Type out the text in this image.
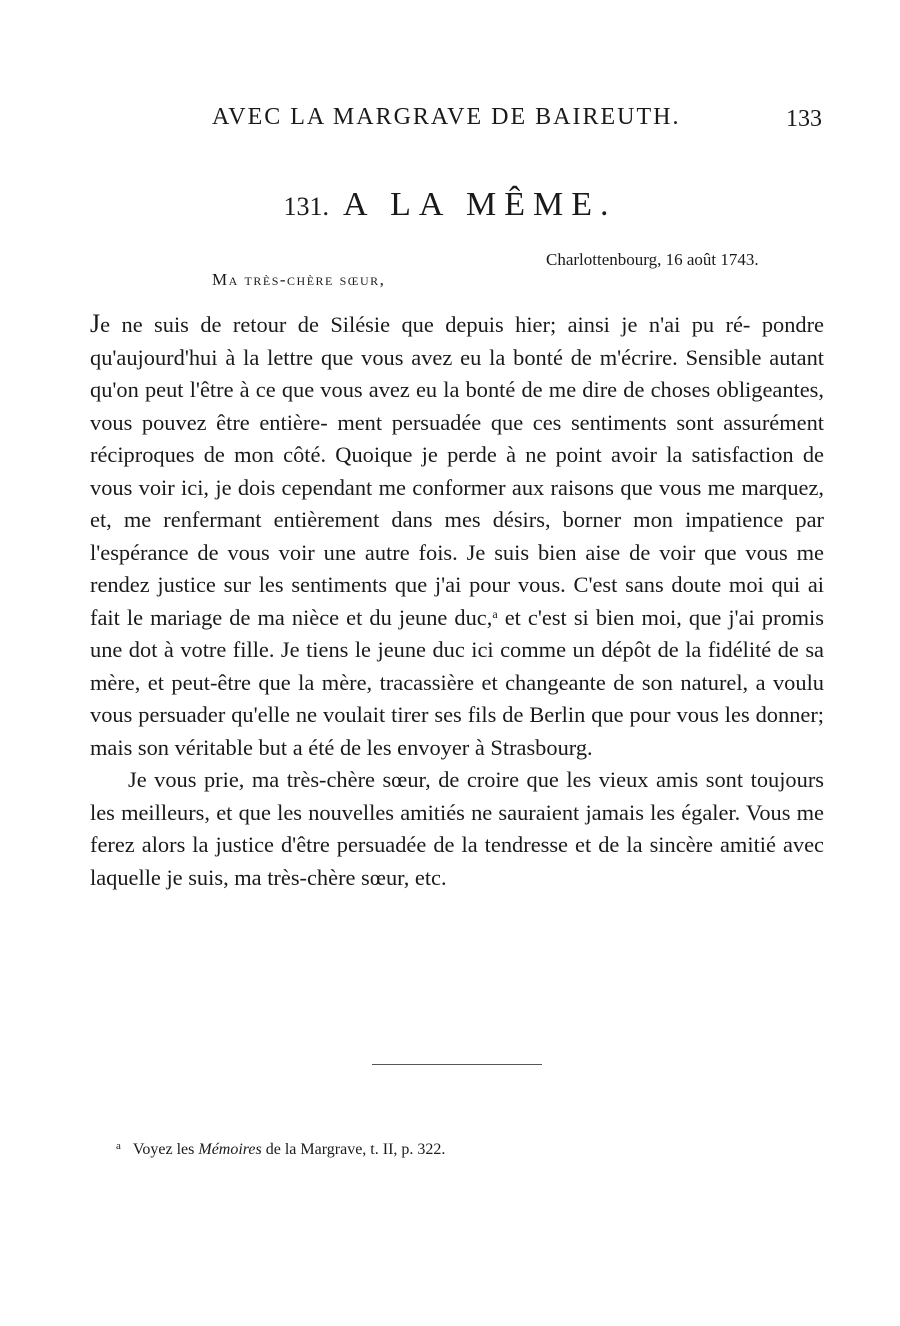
AVEC LA MARGRAVE DE BAIREUTH.	133
131. A LA MÊME.
Charlottenbourg, 16 août 1743.
Ma très-chère sœur,

Je ne suis de retour de Silésie que depuis hier; ainsi je n'ai pu ré- pondre qu'aujourd'hui à la lettre que vous avez eu la bonté de m'écrire. Sensible autant qu'on peut l'être à ce que vous avez eu la bonté de me dire de choses obligeantes, vous pouvez être entière- ment persuadée que ces sentiments sont assurément réciproques de mon côté. Quoique je perde à ne point avoir la satisfaction de vous voir ici, je dois cependant me conformer aux raisons que vous me marquez, et, me renfermant entièrement dans mes désirs, borner mon impatience par l'espérance de vous voir une autre fois. Je suis bien aise de voir que vous me rendez justice sur les sentiments que j'ai pour vous. C'est sans doute moi qui ai fait le mariage de ma nièce et du jeune duc,$^a$ et c'est si bien moi, que j'ai promis une dot à votre fille. Je tiens le jeune duc ici comme un dépôt de la fidélité de sa mère, et peut-être que la mère, tracassière et changeante de son naturel, a voulu vous persuader qu'elle ne voulait tirer ses fils de Berlin que pour vous les donner; mais son véritable but a été de les envoyer à Strasbourg.

Je vous prie, ma très-chère sœur, de croire que les vieux amis sont toujours les meilleurs, et que les nouvelles amitiés ne sauraient jamais les égaler. Vous me ferez alors la justice d'être persuadée de la tendresse et de la sincère amitié avec laquelle je suis, ma très-chère sœur, etc.

$^a$ Voyez les Mémoires de la Margrave, t. II, p. 322.
